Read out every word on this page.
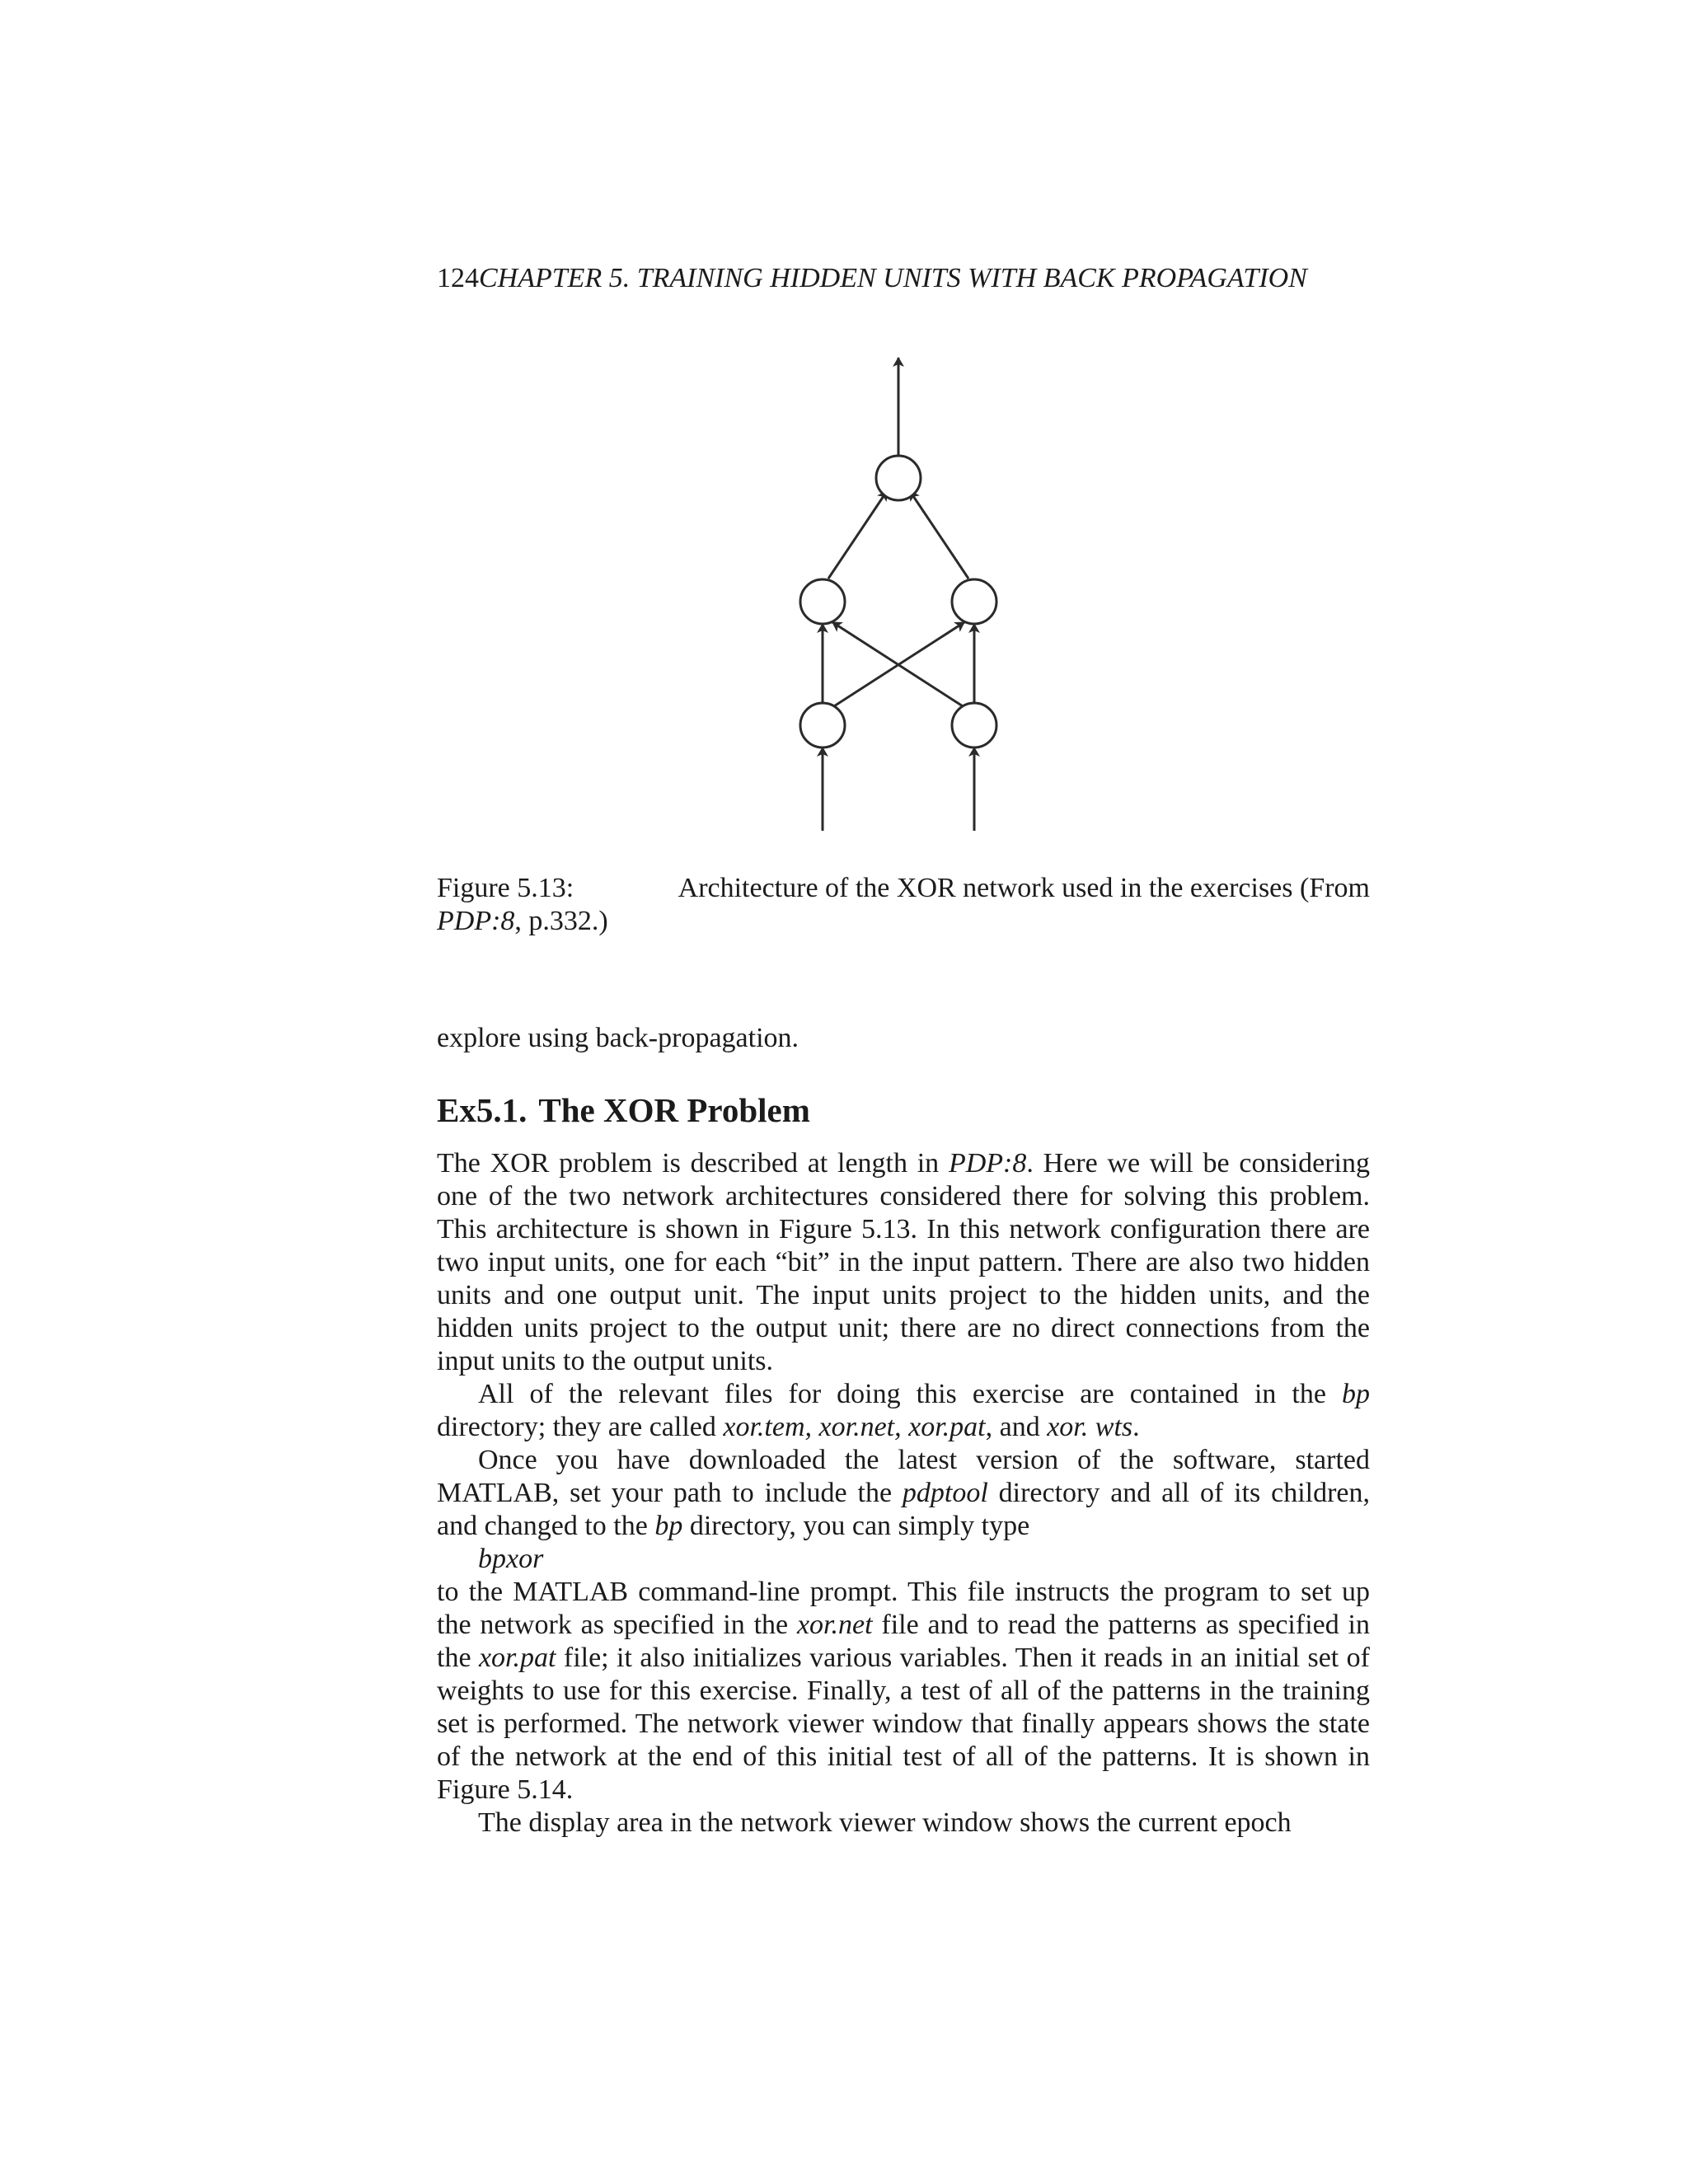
124CHAPTER 5. TRAINING HIDDEN UNITS WITH BACK PROPAGATION
Figure 5.13:	Architecture of the XOR network used in the exercises (From
PDP:8, p.332.)
explore using back-propagation.
Ex5.1. The XOR Problem

The XOR problem is described at length in PDP:8. Here we will be considering one of the two network architectures considered there for solving this problem. This architecture is shown in Figure 5.13. In this network configuration there are two input units, one for each “bit” in the input pattern. There are also two hidden units and one output unit. The input units project to the hidden units, and the hidden units project to the output unit; there are no direct connections from the input units to the output units.

All of the relevant files for doing this exercise are contained in the bp directory; they are called xor.tem, xor.net, xor.pat, and xor. wts.

Once you have downloaded the latest version of the software, started MATLAB, set your path to include the pdptool directory and all of its children, and changed to the bp directory, you can simply type

bpxor

to the MATLAB command-line prompt. This file instructs the program to set up the network as specified in the xor.net file and to read the patterns as specified in the xor.pat file; it also initializes various variables. Then it reads in an initial set of weights to use for this exercise. Finally, a test of all of the patterns in the training set is performed. The network viewer window that finally appears shows the state of the network at the end of this initial test of all of the patterns. It is shown in Figure 5.14.

The display area in the network viewer window shows the current epoch
